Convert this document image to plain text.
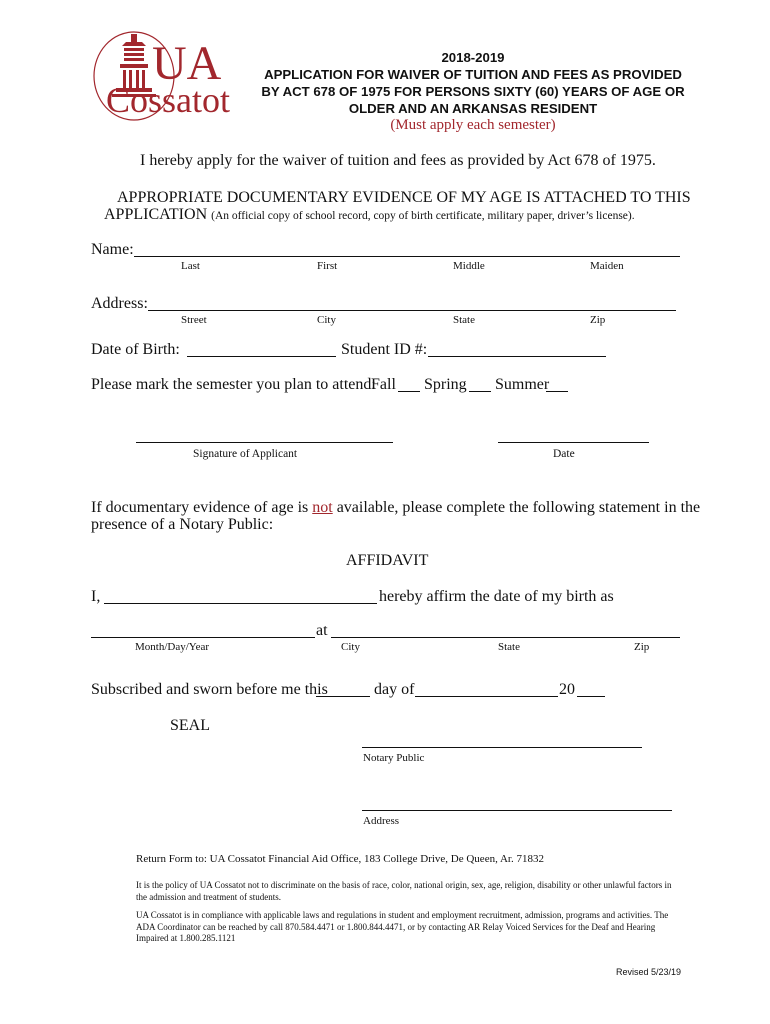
UA
Cossatot
2018-2019
APPLICATION FOR WAIVER OF TUITION AND FEES AS PROVIDED
BY ACT 678 OF 1975 FOR PERSONS SIXTY (60) YEARS OF AGE OR
OLDER AND AN ARKANSAS RESIDENT
(Must apply each semester)
I hereby apply for the waiver of tuition and fees as provided by Act 678 of 1975.
APPROPRIATE DOCUMENTARY EVIDENCE OF MY AGE IS ATTACHED TO THIS
APPLICATION (An official copy of school record, copy of birth certificate, military paper, driver’s license).
Name:
Last	First	Middle	Maiden
Address:
Street	City	State	Zip
Date of Birth:	Student ID #:
Please mark the semester you plan to attend:
Fall Spring Summer
Signature of Applicant	Date
If documentary evidence of age is not available, please complete the following statement in the
presence of a Notary Public:
AFFIDAVIT
I,	hereby affirm the date of my birth as
at
Month/Day/Year	City	State	Zip
Subscribed and sworn before me this	day of	20
SEAL
Notary Public
Address
Return Form to: UA Cossatot Financial Aid Office, 183 College Drive, De Queen, Ar. 71832
It is the policy of UA Cossatot not to discriminate on the basis of race, color, national origin, sex, age, religion, disability or other unlawful factors in the admission and treatment of students.
UA Cossatot is in compliance with applicable laws and regulations in student and employment recruitment, admission, programs and activities. The ADA Coordinator can be reached by call 870.584.4471 or 1.800.844.4471, or by contacting AR Relay Voiced Services for the Deaf and Hearing Impaired at 1.800.285.1121
Revised 5/23/19
